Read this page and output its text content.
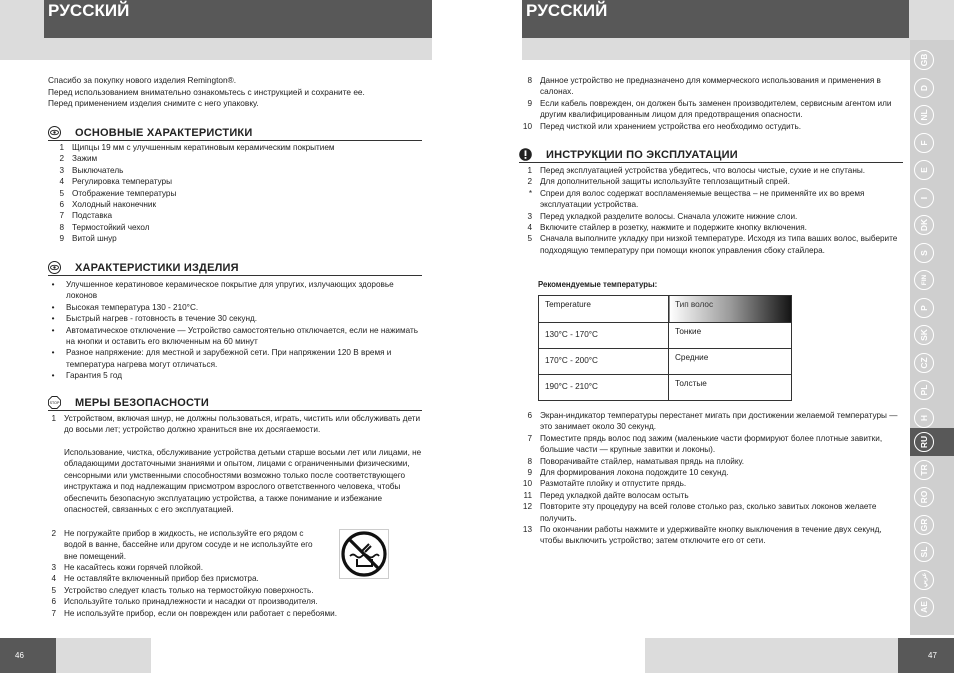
PУССКИЙ	PУССКИЙ
Спасибо за покупку нового изделия Remington®.
Перед использованием внимательно ознакомьтесь с инструкцией и сохраните ее.
Перед применением изделия снимите с него упаковку.
ОСНОВНЫЕ ХАРАКТЕРИСТИКИ
1 Щипцы 19 мм с улучшенным кератиновым керамическим покрытием
2 Зажим
3 Выключатель
4 Регулировка температуры
5 Отображение температуры
6 Холодный наконечник
7 Подставка
8 Термостойкий чехол
9 Витой шнур
ХАРАКТЕРИСТИКИ ИЗДЕЛИЯ
•	Улучшенное кератиновое керамическое покрытие для упругих, излучающих здоровье локонов
•	Высокая температура 130 - 210°C.
•	Быстрый нагрев - готовность в течение 30 секунд.
•	Автоматическое отключение — Устройство самостоятельно отключается, если не нажимать на кнопки и оставить его включенным на 60 минут
•	Разное напряжение: для местной и зарубежной сети. При напряжении 120 В время и температура нагрева могут отличаться.
•	Гарантия 5 год
STOP МЕРЫ БЕЗОПАСНОСТИ
1 Устройством, включая шнур, не должны пользоваться, играть, чистить или обслуживать дети до восьми лет; устройство должно храниться вне их досягаемости.
Использование, чистка, обслуживание устройства детьми старше восьми лет или лицами, не обладающими достаточными знаниями и опытом, лицами с ограниченными физическими, сенсорными или умственными способностями возможно только после соответствующего инструктажа и под надлежащим присмотром взрослого ответственного человека, чтобы обеспечить безопасную эксплуатацию устройства, а также понимание и избежание опасностей, связанных с его эксплуатацией.
2 Не погружайте прибор в жидкость, не используйте его рядом с водой в ванне, бассейне или другом сосуде и не используйте его вне помещений.
3 Не касайтесь кожи горячей плойкой.
4 Не оставляйте включенный прибор без присмотра.
5 Устройство следует класть только на термостойкую поверхность.
6 Используйте только принадлежности и насадки от производителя.
7 Не используйте прибор, если он поврежден или работает с перебоями.
8 Данное устройство не предназначено для коммерческого использования и применения в салонах.
9 Если кабель поврежден, он должен быть заменен производителем, сервисным агентом или другим квалифицированным лицом для предотвращения опасности.
10 Перед чисткой или хранением устройства его необходимо остудить.
ИНСТРУКЦИИ ПО ЭКСПЛУАТАЦИИ
1 Перед эксплуатацией устройства убедитесь, что волосы чистые, сухие и не спутаны.
2 Для дополнительной защиты используйте теплозащитный спрей.
* Спреи для волос содержат воспламеняемые вещества – не применяйте их во время эксплуатации устройства.
3 Перед укладкой разделите волосы. Сначала уложите нижние слои.
4 Включите стайлер в розетку, нажмите и подержите кнопку включения.
5 Сначала выполните укладку при низкой температуре. Исходя из типа ваших волос, выберите подходящую температуру при помощи кнопок управления сбоку стайлера.
Рекомендуемые температуры:
Temperature	Тип волос
130°C - 170°C	Тонкие
170°C - 200°C	Средние
190°C - 210°C	Толстые
6 Экран-индикатор температуры перестанет мигать при достижении желаемой температуры — это занимает около 30 секунд.
7 Поместите прядь волос под зажим (маленькие части формируют более плотные завитки, большие части — крупные завитки и локоны).
8 Поворачивайте стайлер, наматывая прядь на плойку.
9 Для формирования локона подождите 10 секунд.
10 Размотайте плойку и отпустите прядь.
11 Перед укладкой дайте волосам остыть
12 Повторите эту процедуру на всей голове столько раз, сколько завитых локонов желаете получить.
13 По окончании работы нажмите и удерживайте кнопку выключения в течение двух секунд, чтобы выключить устройство; затем отключите его от сети.
GB
D
NL
F
E
I
DK
S
FIN
P
SK
CZ
PL
H
RU
TR
RO
GR
SL
عربي
AE
46	47
